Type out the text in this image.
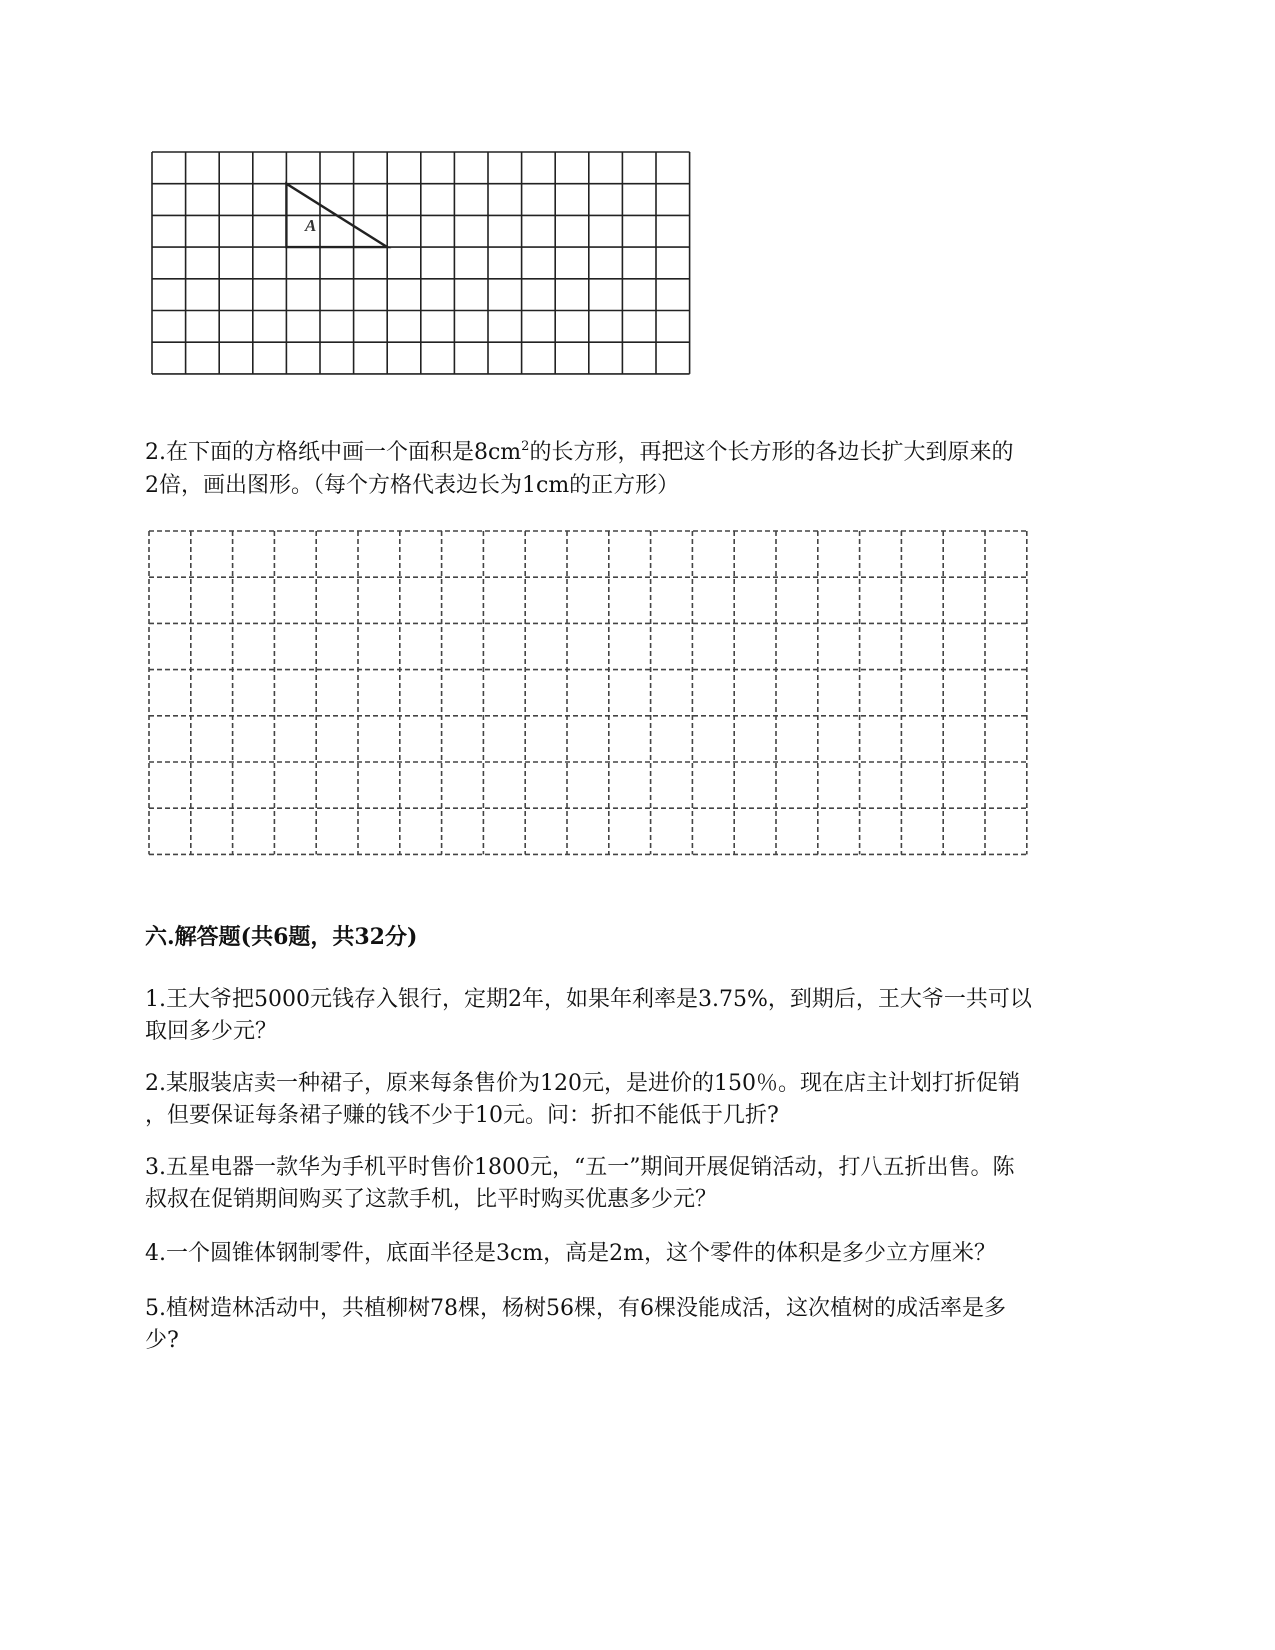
A
2.在下面的方格纸中画一个面积是$8cm^2$的长方形，再把这个长方形的各边长扩大到原来的
2倍，画出图形。（每个方格代表边长为1cm的正方形）
六.解答题(共6题，共32分)
1.王大爷把5000元钱存入银行，定期2年，如果年利率是3.75%，到期后，王大爷一共可以
取回多少元？
2.某服装店卖一种裙子，原来每条售价为120元，是进价的150％。现在店主计划打折促销
，但要保证每条裙子赚的钱不少于10元。问：折扣不能低于几折?
3.五星电器一款华为手机平时售价1800元，“五一”期间开展促销活动，打八五折出售。陈
叔叔在促销期间购买了这款手机，比平时购买优惠多少元？
4.一个圆锥体钢制零件，底面半径是3cm，高是2m，这个零件的体积是多少立方厘米？
5.植树造林活动中，共植柳树78棵，杨树56棵，有6棵没能成活，这次植树的成活率是多
少?
